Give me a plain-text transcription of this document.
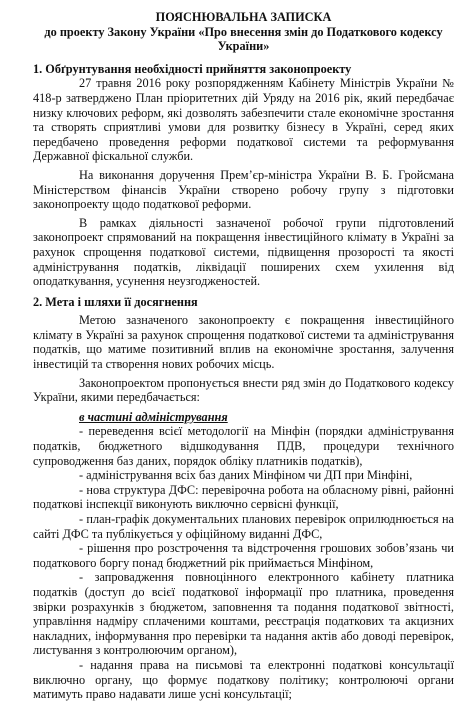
ПОЯСНЮВАЛЬНА ЗАПИСКА

до проекту Закону України «Про внесення змін до Податкового кодексу України»

1. Обґрунтування необхідності прийняття законопроекту

27 травня 2016 року розпорядженням Кабінету Міністрів України № 418-р затверджено План пріоритетних дій Уряду на 2016 рік, який передбачає низку ключових реформ, які дозволять забезпечити стале економічне зростання та створять сприятливі умови для розвитку бізнесу в Україні, серед яких передбачено проведення реформи податкової системи та реформування Державної фіскальної служби.

На виконання доручення Прем’єр-міністра України В. Б. Гройсмана Міністерством фінансів України створено робочу групу з підготовки законопроекту щодо податкової реформи.

В рамках діяльності зазначеної робочої групи підготовлений законопроект спрямований на покращення інвестиційного клімату в Україні за рахунок спрощення податкової системи, підвищення прозорості та якості адміністрування податків, ліквідації поширених схем ухилення від оподаткування, усунення неузгодженостей.

2. Мета і шляхи її досягнення

Метою зазначеного законопроекту є покращення інвестиційного клімату в Україні за рахунок спрощення податкової системи та адміністрування податків, що матиме позитивний вплив на економічне зростання, залучення інвестицій та створення нових робочих місць.

Законопроектом пропонується внести ряд змін до Податкового кодексу України, якими передбачається:

в частині адміністрування

- переведення всієї методології на Мінфін (порядки адміністрування податків, бюджетного відшкодування ПДВ, процедури технічного супроводження баз даних, порядок обліку платників податків),

- адміністрування всіх баз даних Мінфіном чи ДП при Мінфіні,

- нова структура ДФС: перевірочна робота на обласному рівні, районні податкові інспекції виконують виключно сервісні функції,

- план-графік документальних планових перевірок оприлюднюється на сайті ДФС та публікується у офіційному виданні ДФС,

- рішення про розстрочення та відстрочення грошових зобов’язань чи податкового боргу понад бюджетний рік приймається Мінфіном,

- запровадження повноцінного електронного кабінету платника податків (доступ до всієї податкової інформації про платника, проведення звірки розрахунків з бюджетом, заповнення та подання податкової звітності, управління надміру сплаченими коштами, реєстрація податкових та акцизних накладних, інформування про перевірки та надання актів або доводі перевірок, листування з контролюючим органом),

- надання права на письмові та електронні податкові консультації виключно органу, що формує податкову політику; контролюючі органи матимуть право надавати лише усні консультації;
